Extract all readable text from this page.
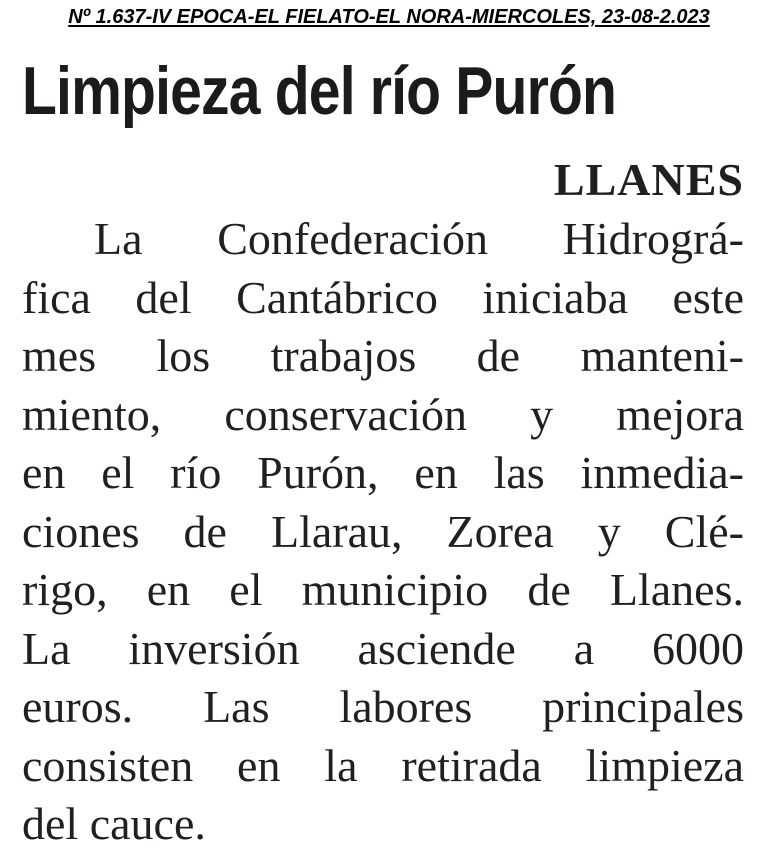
Nº 1.637-IV EPOCA-EL FIELATO-EL NORA-MIERCOLES, 23-08-2.023
Limpieza del río Purón
LLANES
La Confederación Hidrográ-
fica del Cantábrico iniciaba este
mes los trabajos de manteni-
miento, conservación y mejora
en el río Purón, en las inmedia-
ciones de Llarau, Zorea y Clé-
rigo, en el municipio de Llanes.
La inversión asciende a 6000
euros. Las labores principales
consisten en la retirada limpieza
del cauce.
